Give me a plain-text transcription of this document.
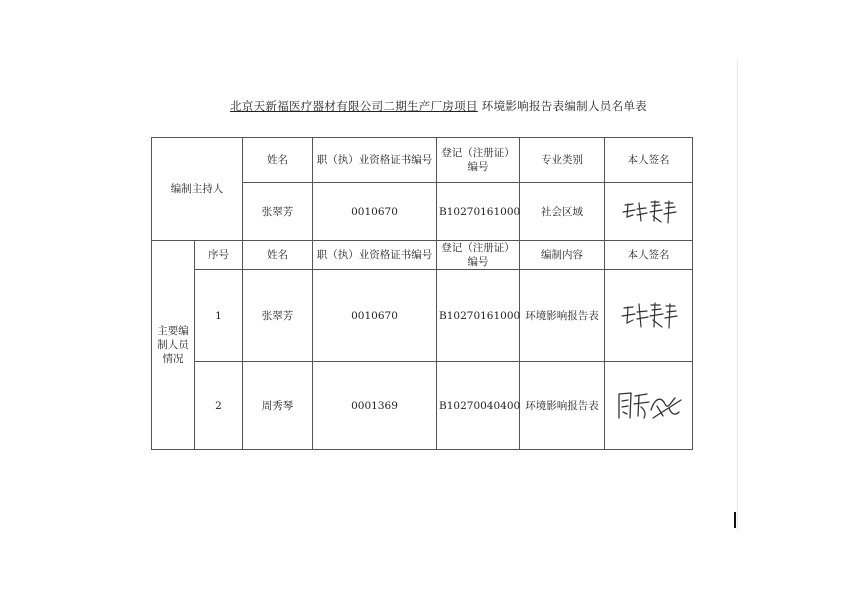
北京天新福医疗器材有限公司二期生产厂房项目 环境影响报告表编制人员名单表
编制主持人		姓名	职（执）业资格证书编号	登记（注册证）编号	专业类别	本人签名
		张翠芳	0010670	B10270161000	社会区域	

主要编制人员情况	序号	姓名	职（执）业资格证书编号	登记（注册证）编号	编制内容	本人签名
	1	张翠芳	0010670	B10270161000	环境影响报告表	

	2	周秀琴	0001369	B10270040400	环境影响报告表	
